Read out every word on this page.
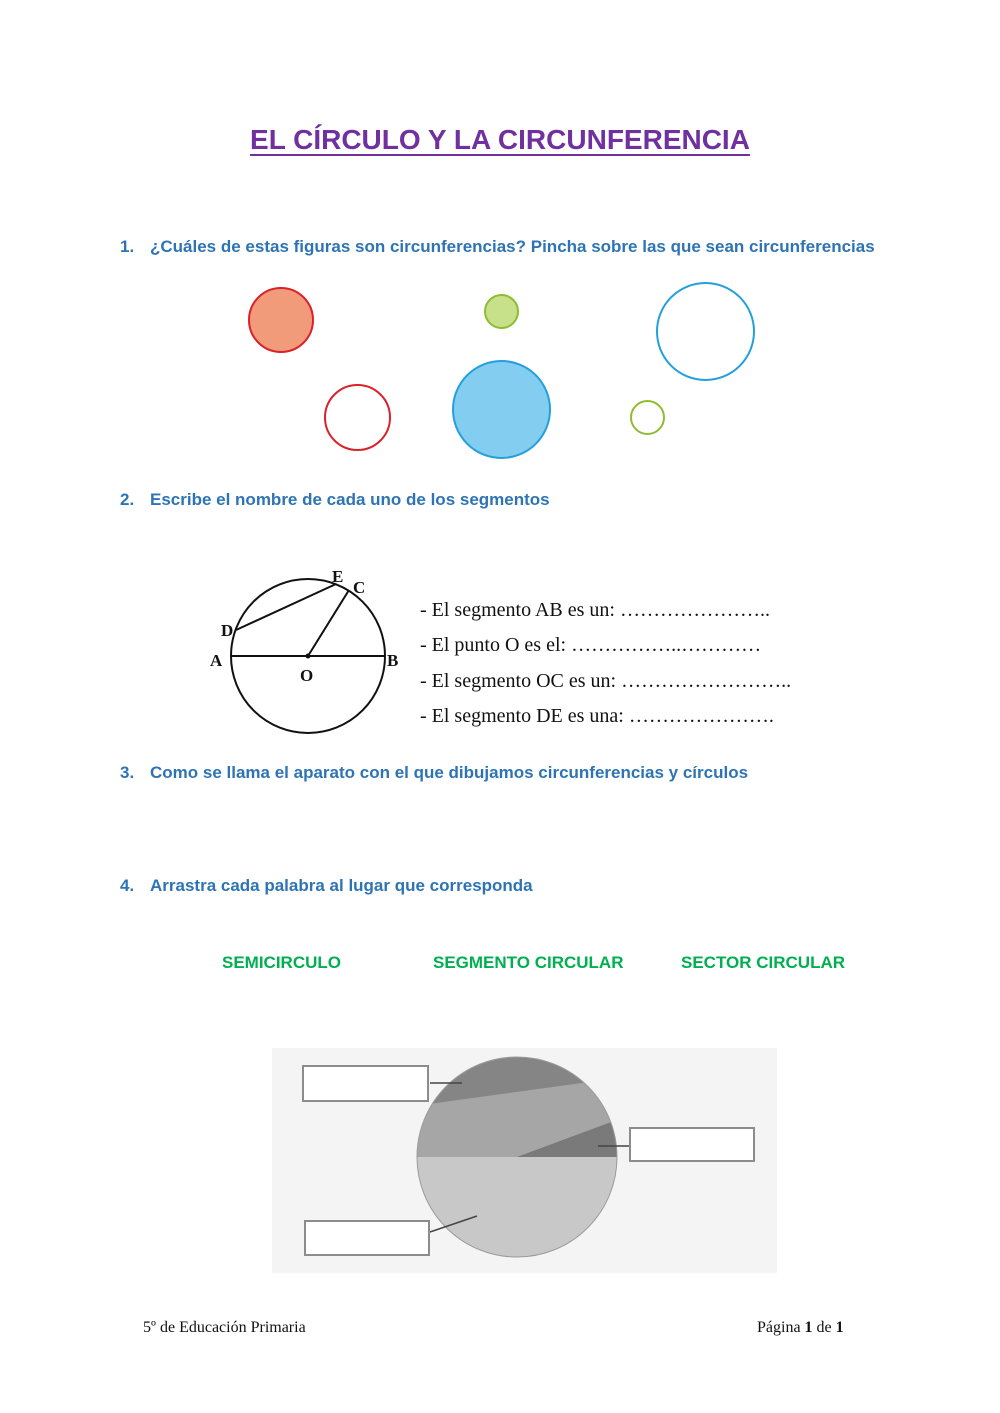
EL CÍRCULO Y LA CIRCUNFERENCIA
1. ¿Cuáles de estas figuras son circunferencias? Pincha sobre las que sean circunferencias
2. Escribe el nombre de cada uno de los segmentos
A	B
C
D
E
O
- El segmento AB es un: …………………..
- El punto O es el: ……………..…………
- El segmento OC es un: ……………………..
- El segmento DE es una: ………………….
3. Como se llama el aparato con el que dibujamos circunferencias y círculos
4. Arrastra cada palabra al lugar que corresponda
SEMICIRCULO	SEGMENTO CIRCULAR	SECTOR CIRCULAR
5º de Educación Primaria	Página 1 de 1
